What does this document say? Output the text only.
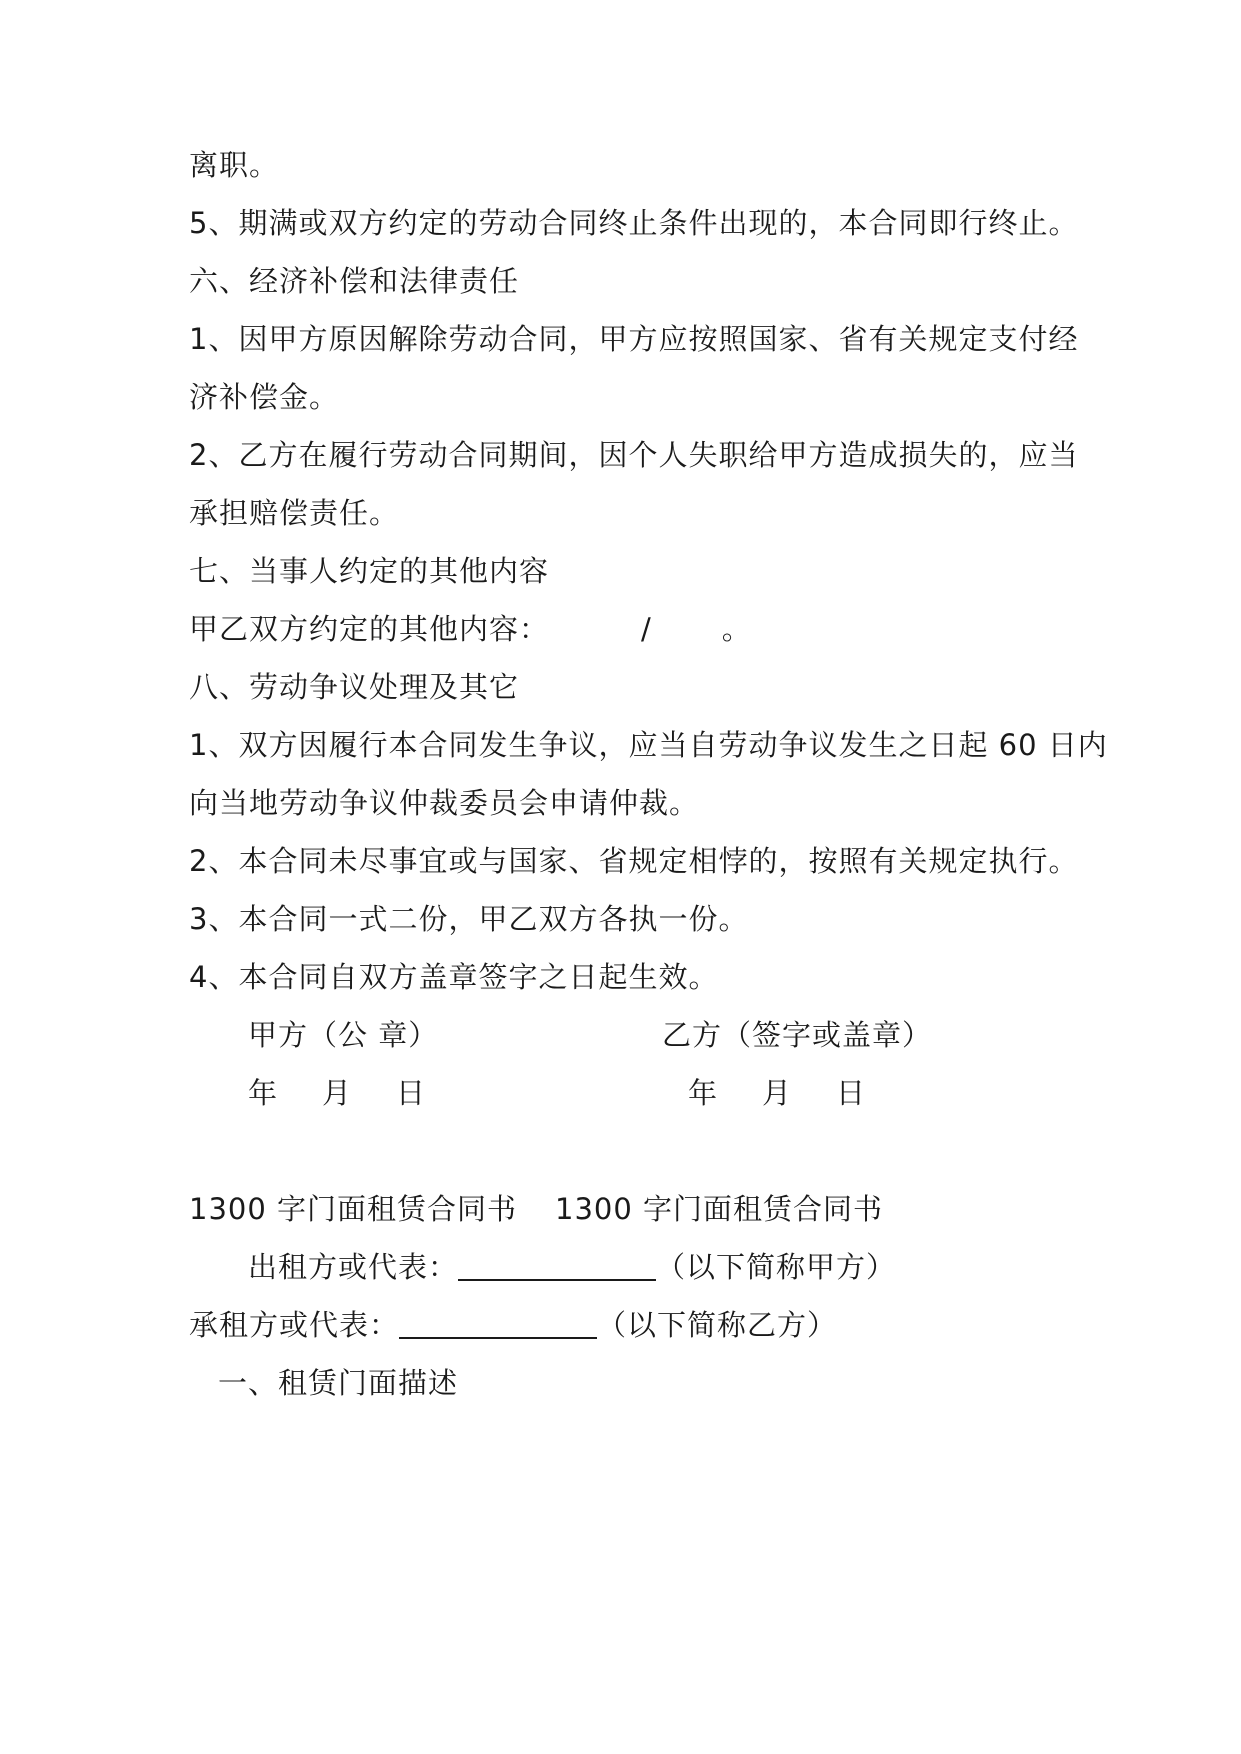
离职。
5、期满或双方约定的劳动合同终止条件出现的，本合同即行终止。
六、经济补偿和法律责任
1、因甲方原因解除劳动合同，甲方应按照国家、省有关规定支付经
济补偿金。
2、乙方在履行劳动合同期间，因个人失职给甲方造成损失的，应当
承担赔偿责任。
七、当事人约定的其他内容
甲乙双方约定的其他内容：	/ 。
八、劳动争议处理及其它
1、双方因履行本合同发生争议，应当自劳动争议发生之日起 60 日内
向当地劳动争议仲裁委员会申请仲裁。
2、本合同未尽事宜或与国家、省规定相悖的，按照有关规定执行。
3、本合同一式二份，甲乙双方各执一份。
4、本合同自双方盖章签字之日起生效。
甲方（公 章）	乙方（签字或盖章）
年 月 日	年 月 日
1300 字门面租赁合同书 1300 字门面租赁合同书
出租方或代表：	（以下简称甲方）
承租方或代表：	（以下简称乙方）
一、租赁门面描述
